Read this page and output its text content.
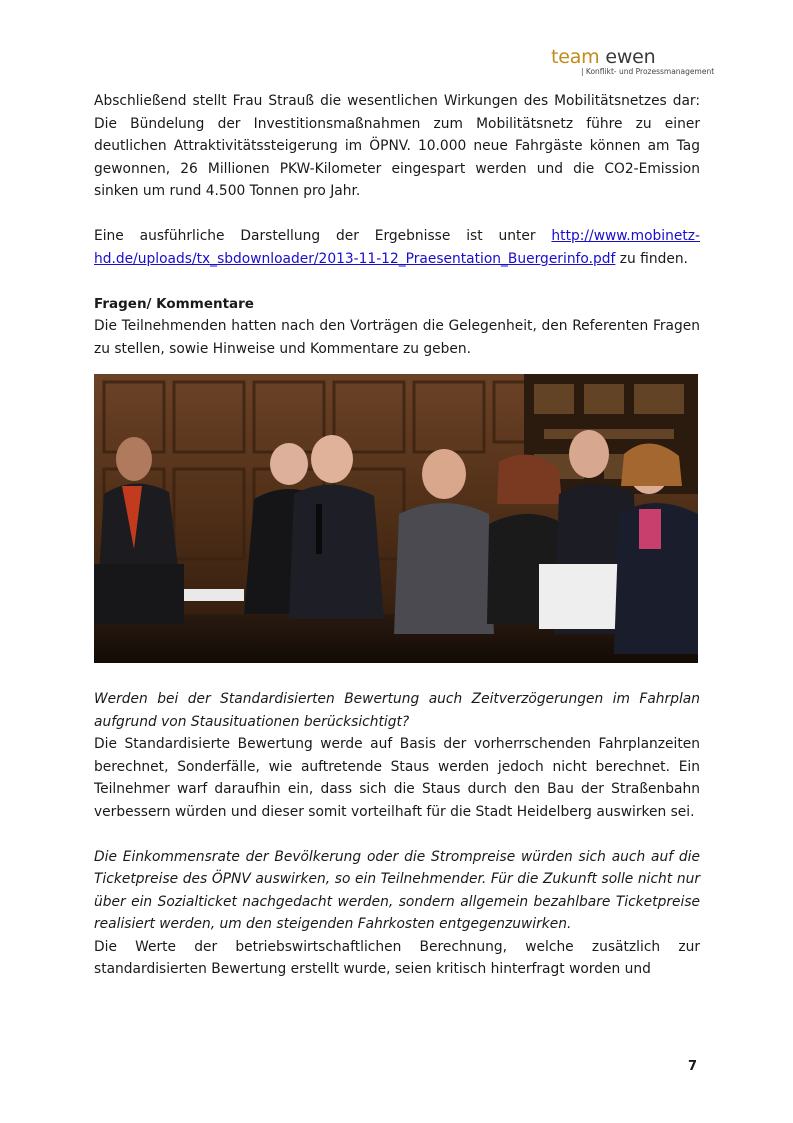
team ewen
| Konflikt- und Prozessmanagement

Abschließend stellt Frau Strauß die wesentlichen Wirkungen des Mobilitätsnetzes dar: Die Bündelung der Investitionsmaßnahmen zum Mobilitätsnetz führe zu einer deutlichen Attraktivitätssteigerung im ÖPNV. 10.000 neue Fahrgäste können am Tag gewonnen, 26 Millionen PKW-Kilometer eingespart werden und die CO2-Emission sinken um rund 4.500 Tonnen pro Jahr.

Eine ausführliche Darstellung der Ergebnisse ist unter http://www.mobinetz-hd.de/uploads/tx_sbdownloader/2013-11-12_Praesentation_Buergerinfo.pdf zu finden.

Fragen/ Kommentare

Die Teilnehmenden hatten nach den Vorträgen die Gelegenheit, den Referenten Fragen zu stellen, sowie Hinweise und Kommentare zu geben.

Werden bei der Standardisierten Bewertung auch Zeitverzögerungen im Fahrplan aufgrund von Stausituationen berücksichtigt?

Die Standardisierte Bewertung werde auf Basis der vorherrschenden Fahrplanzeiten berechnet, Sonderfälle, wie auftretende Staus werden jedoch nicht berechnet. Ein Teilnehmer warf daraufhin ein, dass sich die Staus durch den Bau der Straßenbahn verbessern würden und dieser somit vorteilhaft für die Stadt Heidelberg auswirken sei.

Die Einkommensrate der Bevölkerung oder die Strompreise würden sich auch auf die Ticketpreise des ÖPNV auswirken, so ein Teilnehmender. Für die Zukunft solle nicht nur über ein Sozialticket nachgedacht werden, sondern allgemein bezahlbare Ticketpreise realisiert werden, um den steigenden Fahrkosten entgegenzuwirken.

Die Werte der betriebswirtschaftlichen Berechnung, welche zusätzlich zur standardisierten Bewertung erstellt wurde, seien kritisch hinterfragt worden und

7
